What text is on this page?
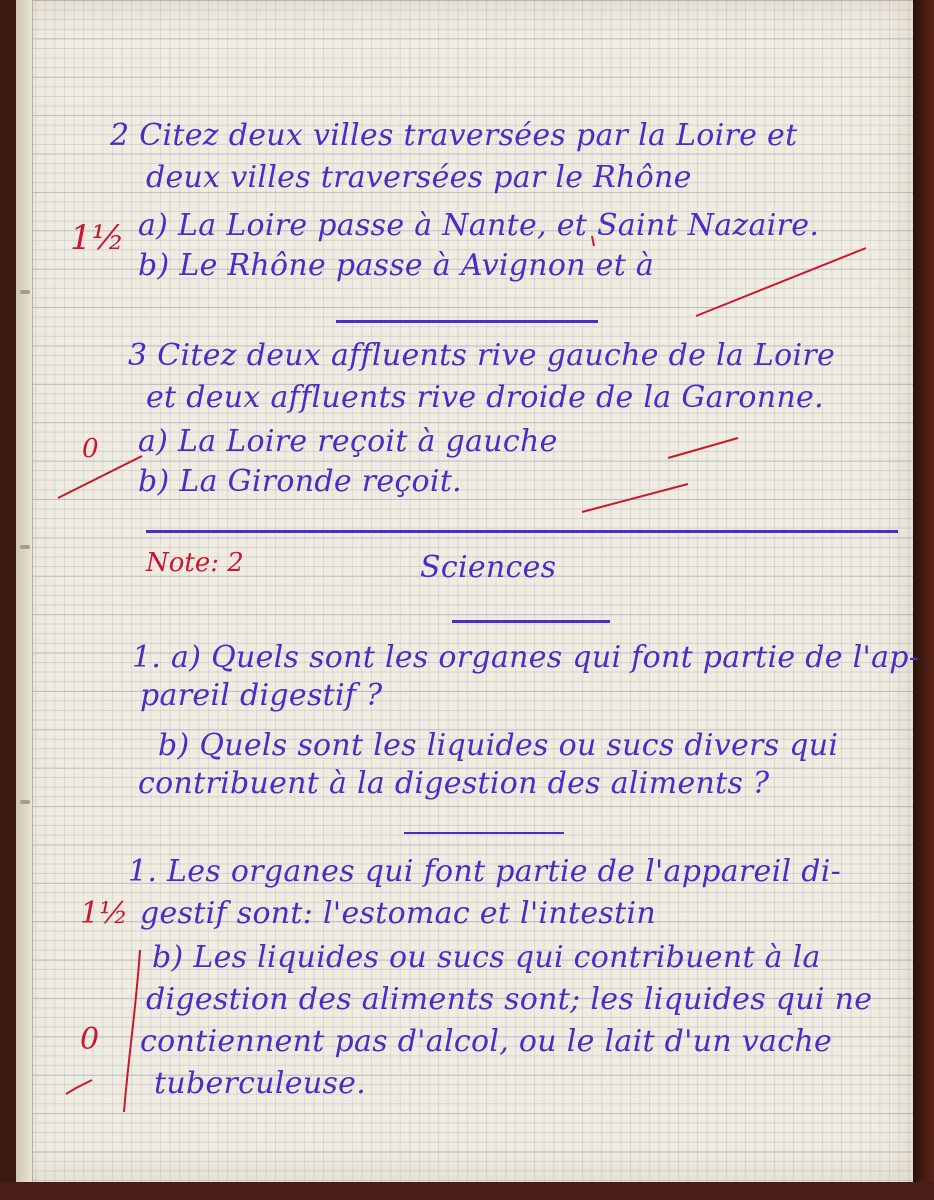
2 Citez deux villes traversées par la Loire et
deux villes traversées par le Rhône
a) La Loire passe à Nante, et Saint Nazaire.
b) Le Rhône passe à Avignon et à
1½
3 Citez deux affluents rive gauche de la Loire
et deux affluents rive droide de la Garonne.
a) La Loire reçoit à gauche
b) La Gironde reçoit.
0
Note: 2	Sciences
1. a) Quels sont les organes qui font partie de l'ap-
pareil digestif ?
b) Quels sont les liquides ou sucs divers qui
contribuent à la digestion des aliments ?
1. Les organes qui font partie de l'appareil di-
gestif sont: l'estomac et l'intestin
b) Les liquides ou sucs qui contribuent à la
digestion des aliments sont; les liquides qui ne
contiennent pas d'alcol, ou le lait d'un vache
tuberculeuse.
1½
0
